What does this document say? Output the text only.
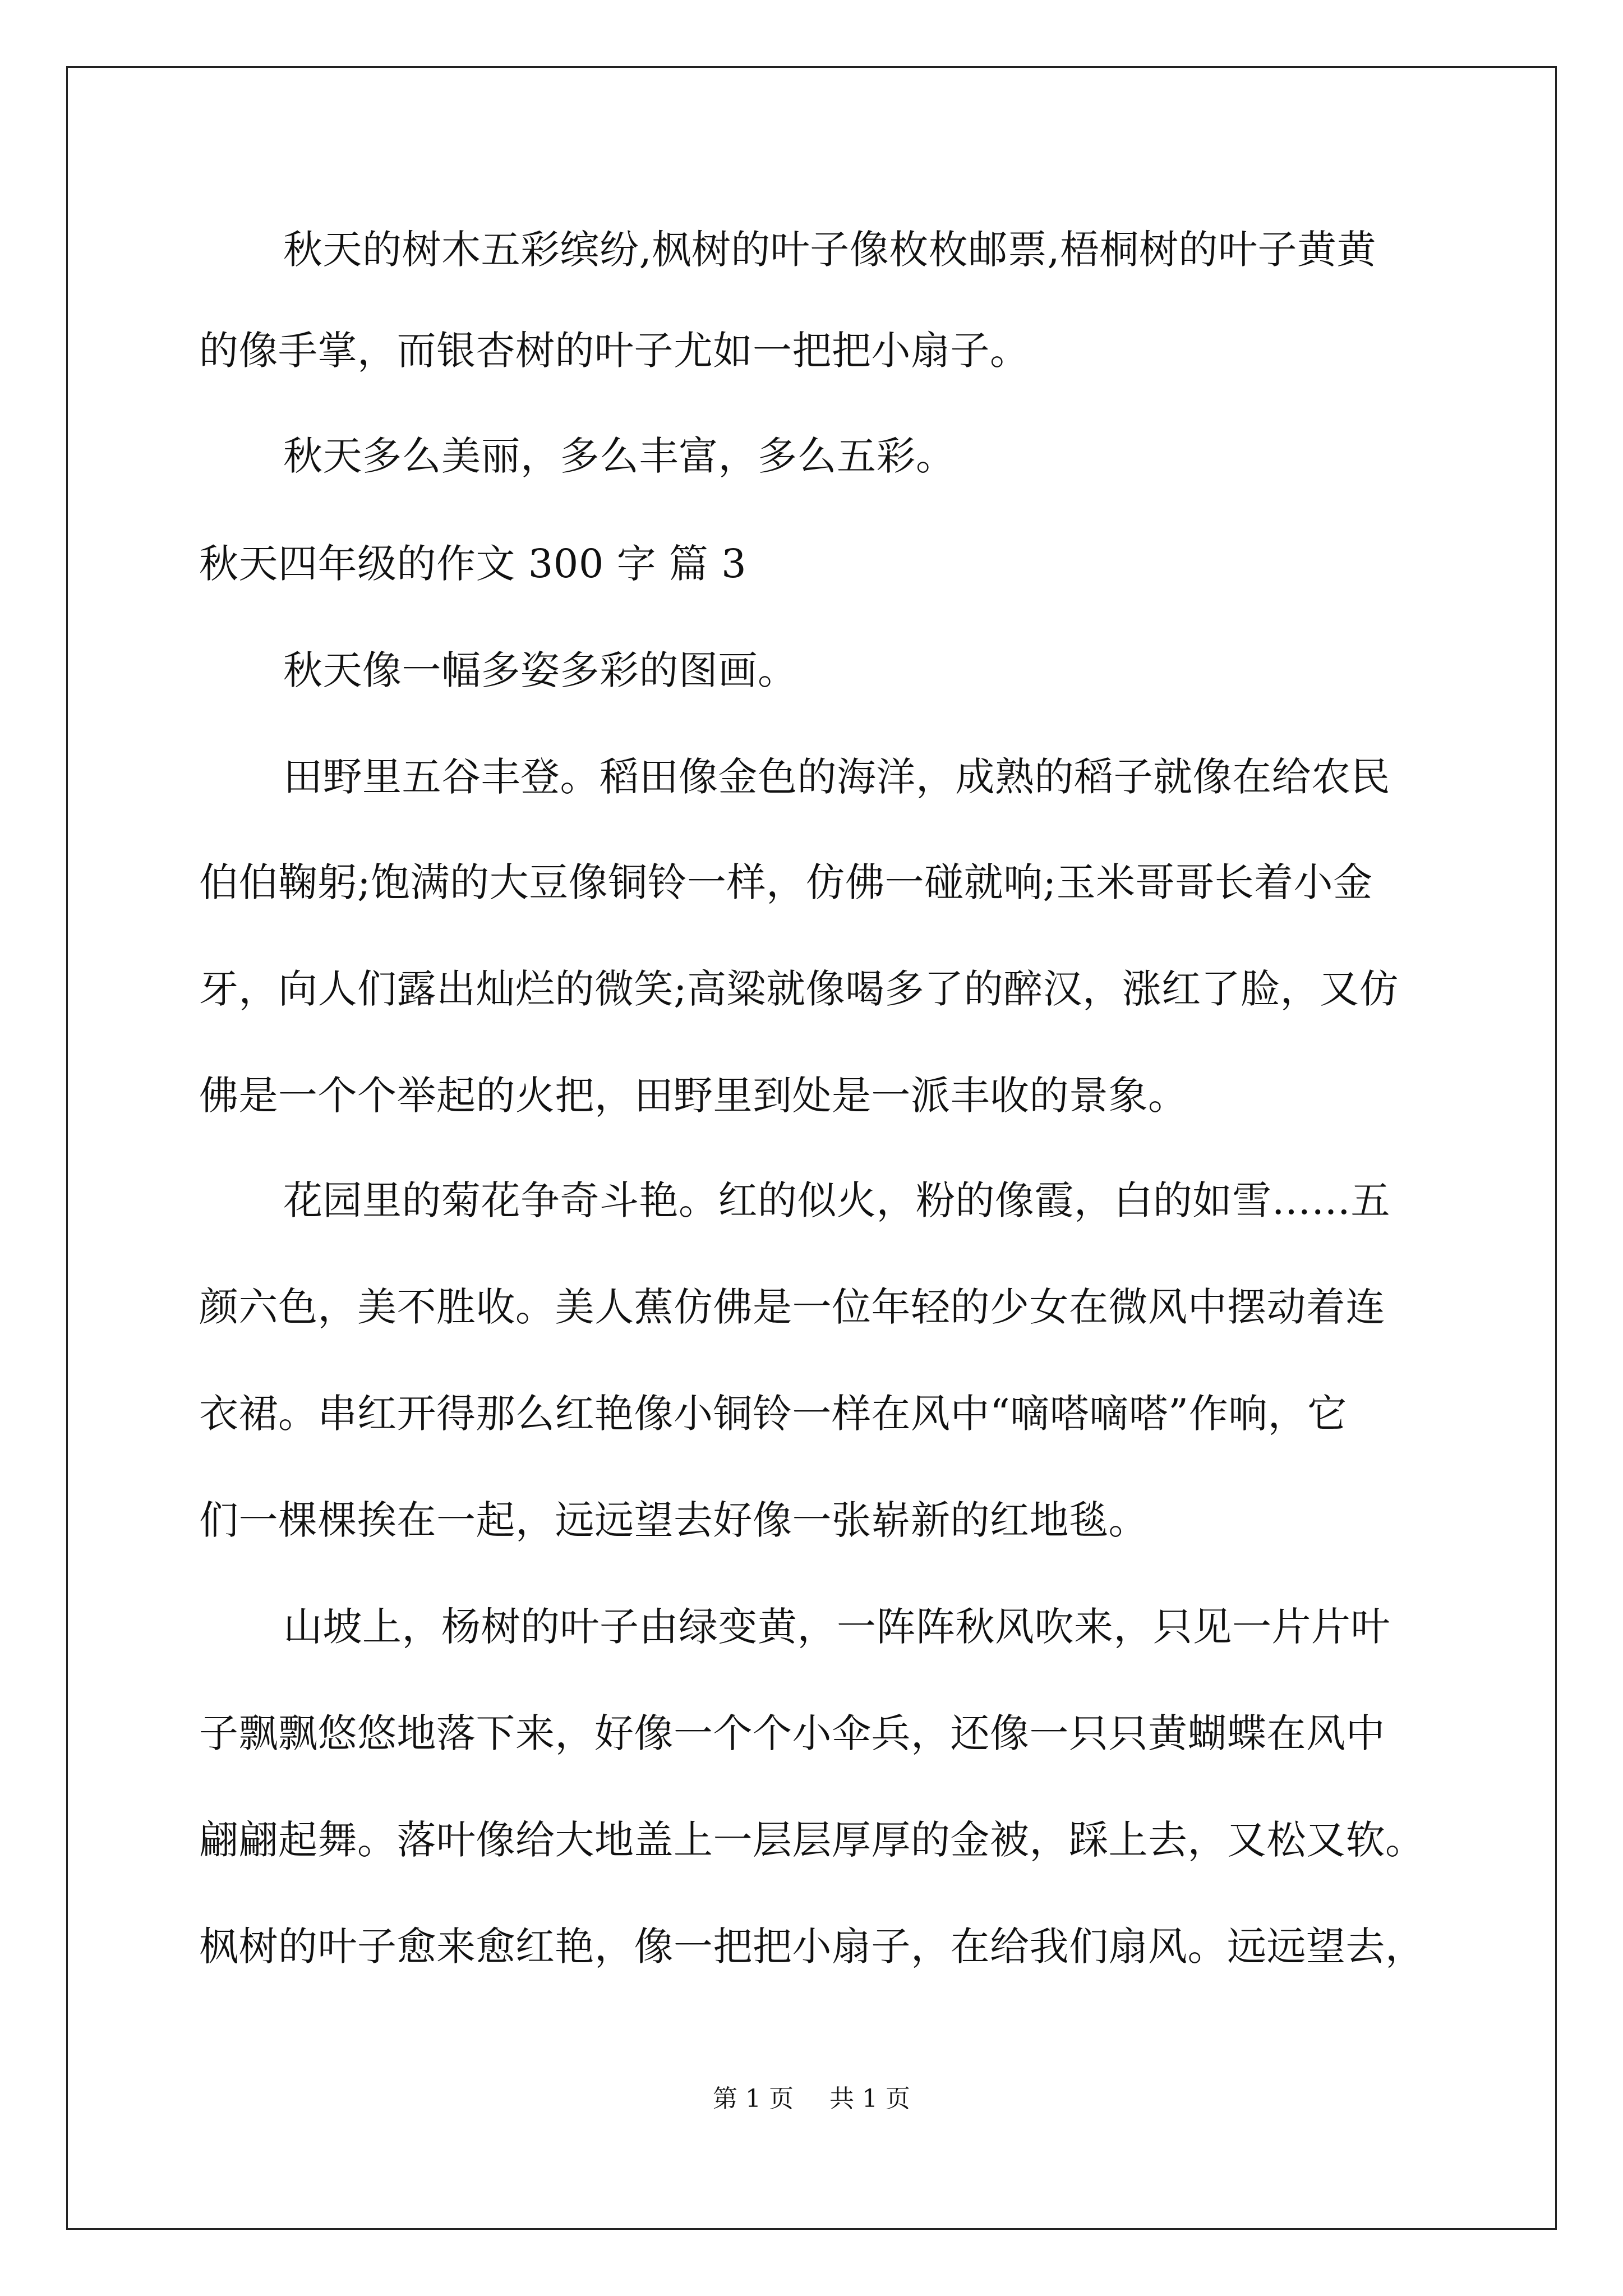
秋天的树木五彩缤纷,枫树的叶子像枚枚邮票,梧桐树的叶子黄黄
的像手掌，而银杏树的叶子尤如一把把小扇子。
秋天多么美丽，多么丰富，多么五彩。
秋天四年级的作文 300 字 篇 3
秋天像一幅多姿多彩的图画。
田野里五谷丰登。稻田像金色的海洋，成熟的稻子就像在给农民
伯伯鞠躬;饱满的大豆像铜铃一样，仿佛一碰就响;玉米哥哥长着小金
牙，向人们露出灿烂的微笑;高粱就像喝多了的醉汉，涨红了脸，又仿
佛是一个个举起的火把，田野里到处是一派丰收的景象。
花园里的菊花争奇斗艳。红的似火，粉的像霞，白的如雪……五
颜六色，美不胜收。美人蕉仿佛是一位年轻的少女在微风中摆动着连
衣裙。串红开得那么红艳像小铜铃一样在风中“嘀嗒嘀嗒”作响，它
们一棵棵挨在一起，远远望去好像一张崭新的红地毯。
山坡上，杨树的叶子由绿变黄，一阵阵秋风吹来，只见一片片叶
子飘飘悠悠地落下来，好像一个个小伞兵，还像一只只黄蝴蝶在风中
翩翩起舞。落叶像给大地盖上一层层厚厚的金被，踩上去，又松又软。
枫树的叶子愈来愈红艳，像一把把小扇子，在给我们扇风。远远望去，
第 1 页 共 1 页
